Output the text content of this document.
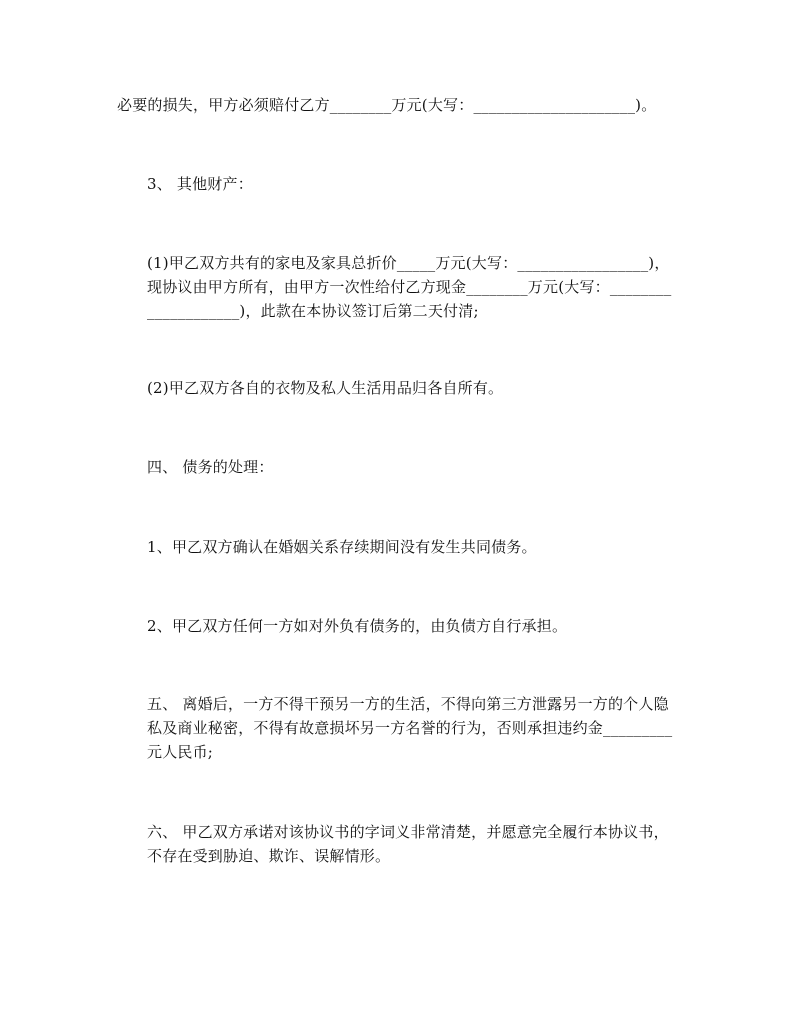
必要的损失，甲方必须赔付乙方________万元(大写：_____________________)。
3、 其他财产：
(1)甲乙双方共有的家电及家具总折价_____万元(大写：_________________)，现协议由甲方所有，由甲方一次性给付乙方现金________万元(大写：____________________)，此款在本协议签订后第二天付清;
(2)甲乙双方各自的衣物及私人生活用品归各自所有。
四、 债务的处理：
1、甲乙双方确认在婚姻关系存续期间没有发生共同债务。
2、甲乙双方任何一方如对外负有债务的，由负债方自行承担。
五、 离婚后，一方不得干预另一方的生活，不得向第三方泄露另一方的个人隐私及商业秘密，不得有故意损坏另一方名誉的行为，否则承担违约金_________元人民币;
六、 甲乙双方承诺对该协议书的字词义非常清楚，并愿意完全履行本协议书，不存在受到胁迫、欺诈、误解情形。
